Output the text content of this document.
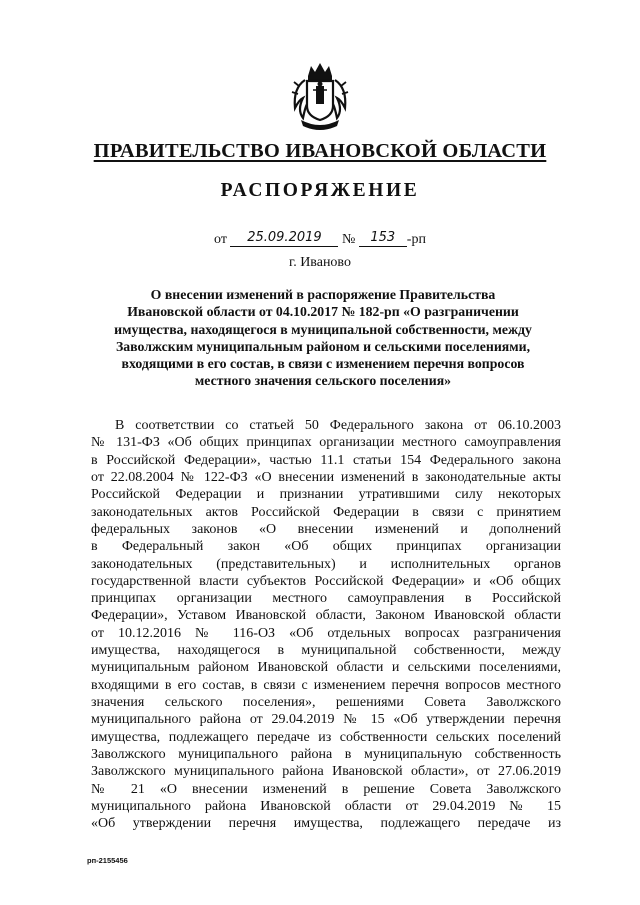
ПРАВИТЕЛЬСТВО ИВАНОВСКОЙ ОБЛАСТИ
РАСПОРЯЖЕНИЕ
от 25.09.2019 № 153 -рп
г. Иваново
О внесении изменений в распоряжение Правительства
Ивановской области от 04.10.2017 № 182-рп «О разграничении
имущества, находящегося в муниципальной собственности, между
Заволжским муниципальным районом и сельскими поселениями,
входящими в его состав, в связи с изменением перечня вопросов
местного значения сельского поселения»
В соответствии со статьей 50 Федерального закона от 06.10.2003
№ 131-ФЗ «Об общих принципах организации местного самоуправления
в Российской Федерации», частью 11.1 статьи 154 Федерального закона
от 22.08.2004 № 122-ФЗ «О внесении изменений в законодательные акты
Российской Федерации и признании утратившими силу некоторых
законодательных актов Российской Федерации в связи с принятием
федеральных законов «О внесении изменений и дополнений
в Федеральный закон «Об общих принципах организации
законодательных (представительных) и исполнительных органов
государственной власти субъектов Российской Федерации» и «Об общих
принципах организации местного самоуправления в Российской
Федерации», Уставом Ивановской области, Законом Ивановской области
от 10.12.2016 № 116-ОЗ «Об отдельных вопросах разграничения
имущества, находящегося в муниципальной собственности, между
муниципальным районом Ивановской области и сельскими поселениями,
входящими в его состав, в связи с изменением перечня вопросов местного
значения сельского поселения», решениями Совета Заволжского
муниципального района от 29.04.2019 № 15 «Об утверждении перечня
имущества, подлежащего передаче из собственности сельских поселений
Заволжского муниципального района в муниципальную собственность
Заволжского муниципального района Ивановской области», от 27.06.2019
№ 21 «О внесении изменений в решение Совета Заволжского
муниципального района Ивановской области от 29.04.2019 № 15
«Об утверждении перечня имущества, подлежащего передаче из
рп-2155456
